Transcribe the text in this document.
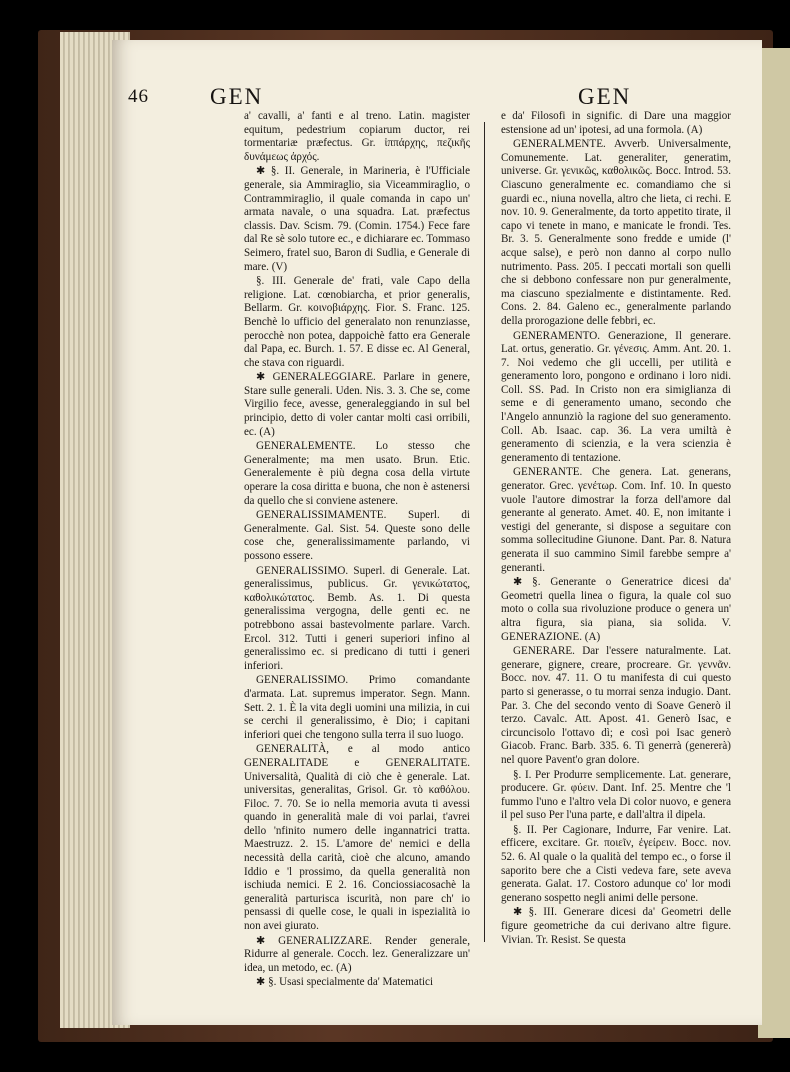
46	GEN	GEN

a' cavalli, a' fanti e al treno. Latin. magister equitum, pedestrium copiarum ductor, rei tormentariæ præfectus. Gr. ἱππάρχης, πεζικῆς δυνάμεως ἀρχός.

✱ §. II. Generale, in Marineria, è l'Ufficiale generale, sia Ammiraglio, sia Viceammiraglio, o Contrammiraglio, il quale comanda in capo un' armata navale, o una squadra. Lat. præfectus classis. Dav. Scism. 79. (Comin. 1754.) Fece fare dal Re sè solo tutore ec., e dichiarare ec. Tommaso Seimero, fratel suo, Baron di Sudlia, e Generale di mare. (V)

§. III. Generale de' frati, vale Capo della religione. Lat. cœnobiarcha, et prior generalis, Bellarm. Gr. κοινοβιάρχης. Fior. S. Franc. 125. Benchè lo ufficio del generalato non renunziasse, perocchè non potea, dappoichè fatto era Generale dal Papa, ec. Burch. 1. 57. E disse ec. Al General, che stava con riguardi.

✱ GENERALEGGIARE. Parlare in genere, Stare sulle generali. Uden. Nis. 3. 3. Che se, come Virgilio fece, avesse, generaleggiando in sul bel principio, detto di voler cantar molti casi orribili, ec. (A)

GENERALEMENTE. Lo stesso che Generalmente; ma men usato. Brun. Etic. Generalemente è più degna cosa della virtute operare la cosa diritta e buona, che non è astenersi da quello che si conviene astenere.

GENERALISSIMAMENTE. Superl. di Generalmente. Gal. Sist. 54. Queste sono delle cose che, generalissimamente parlando, vi possono essere.

GENERALISSIMO. Superl. di Generale. Lat. generalissimus, publicus. Gr. γενικώτατος, καθολικώτατος. Bemb. As. 1. Di questa generalissima vergogna, delle genti ec. ne potrebbono assai bastevolmente parlare. Varch. Ercol. 312. Tutti i generi superiori infino al generalissimo ec. si predicano di tutti i generi inferiori.

GENERALISSIMO. Primo comandante d'armata. Lat. supremus imperator. Segn. Mann. Sett. 2. 1. È la vita degli uomini una milizia, in cui se cerchi il generalissimo, è Dio; i capitani inferiori quei che tengono sulla terra il suo luogo.

GENERALITÀ, e al modo antico GENERALITADE e GENERALITATE. Universalità, Qualità di ciò che è generale. Lat. universitas, generalitas, Grisol. Gr. τὸ καθόλου. Filoc. 7. 70. Se io nella memoria avuta ti avessi quando in generalità male di voi parlai, t'avrei dello 'nfinito numero delle ingannatrici tratta. Maestruzz. 2. 15. L'amore de' nemici e della necessità della carità, cioè che alcuno, amando Iddio e 'l prossimo, da quella generalità non ischiuda nemici. E 2. 16. Conciossiacosachè la generalità parturisca iscurità, non pare ch' io pensassi di quelle cose, le quali in ispezialità io non avei giurato.

✱ GENERALIZZARE. Render generale, Ridurre al generale. Cocch. lez. Generalizzare un' idea, un metodo, ec. (A)

✱ §. Usasi specialmente da' Matematici

e da' Filosofi in signific. di Dare una maggior estensione ad un' ipotesi, ad una formola. (A)

GENERALMENTE. Avverb. Universalmente, Comunemente. Lat. generaliter, generatim, universe. Gr. γενικῶς, καθολικῶς. Bocc. Introd. 53. Ciascuno generalmente ec. comandiamo che si guardi ec., niuna novella, altro che lieta, ci rechi. E nov. 10. 9. Generalmente, da torto appetito tirate, il capo vi tenete in mano, e manicate le frondi. Tes. Br. 3. 5. Generalmente sono fredde e umide (l' acque salse), e però non danno al corpo nullo nutrimento. Pass. 205. I peccati mortali son quelli che si debbono confessare non pur generalmente, ma ciascuno spezialmente e distintamente. Red. Cons. 2. 84. Galeno ec., generalmente parlando della prorogazione delle febbri, ec.

GENERAMENTO. Generazione, Il generare. Lat. ortus, generatio. Gr. γένεσις. Amm. Ant. 20. 1. 7. Noi vedemo che gli uccelli, per utilità e generamento loro, pongono e ordinano i loro nidi. Coll. SS. Pad. In Cristo non era simiglianza di seme e di generamento umano, secondo che l'Angelo annunziò la ragione del suo generamento. Coll. Ab. Isaac. cap. 36. La vera umiltà è generamento di scienzia, e la vera scienzia è generamento di tentazione.

GENERANTE. Che genera. Lat. generans, generator. Grec. γενέτωρ. Com. Inf. 10. In questo vuole l'autore dimostrar la forza dell'amore dal generante al generato. Amet. 40. E, non imitante i vestigi del generante, si dispose a seguitare con somma sollecitudine Giunone. Dant. Par. 8. Natura generata il suo cammino Simil farebbe sempre a' generanti.

✱ §. Generante o Generatrice dicesi da' Geometri quella linea o figura, la quale col suo moto o colla sua rivoluzione produce o genera un' altra figura, sia piana, sia solida. V. GENERAZIONE. (A)

GENERARE. Dar l'essere naturalmente. Lat. generare, gignere, creare, procreare. Gr. γεννᾶν. Bocc. nov. 47. 11. O tu manifesta di cui questo parto si generasse, o tu morrai senza indugio. Dant. Par. 3. Che del secondo vento di Soave Generò il terzo. Cavalc. Att. Apost. 41. Generò Isac, e circuncisolo l'ottavo dì; e così poi Isac generò Giacob. Franc. Barb. 335. 6. Ti generrà (genererà) nel quore Pavent'o gran dolore.

§. I. Per Produrre semplicemente. Lat. generare, producere. Gr. φύειν. Dant. Inf. 25. Mentre che 'l fummo l'uno e l'altro vela Di color nuovo, e genera il pel suso Per l'una parte, e dall'altra il dipela.

§. II. Per Cagionare, Indurre, Far venire. Lat. efficere, excitare. Gr. ποιεῖν, ἐγείρειν. Bocc. nov. 52. 6. Al quale o la qualità del tempo ec., o forse il saporito bere che a Cisti vedeva fare, sete aveva generata. Galat. 17. Costoro adunque co' lor modi generano sospetto negli animi delle persone.

✱ §. III. Generare dicesi da' Geometri delle figure geometriche da cui derivano altre figure. Vivian. Tr. Resist. Se questa
